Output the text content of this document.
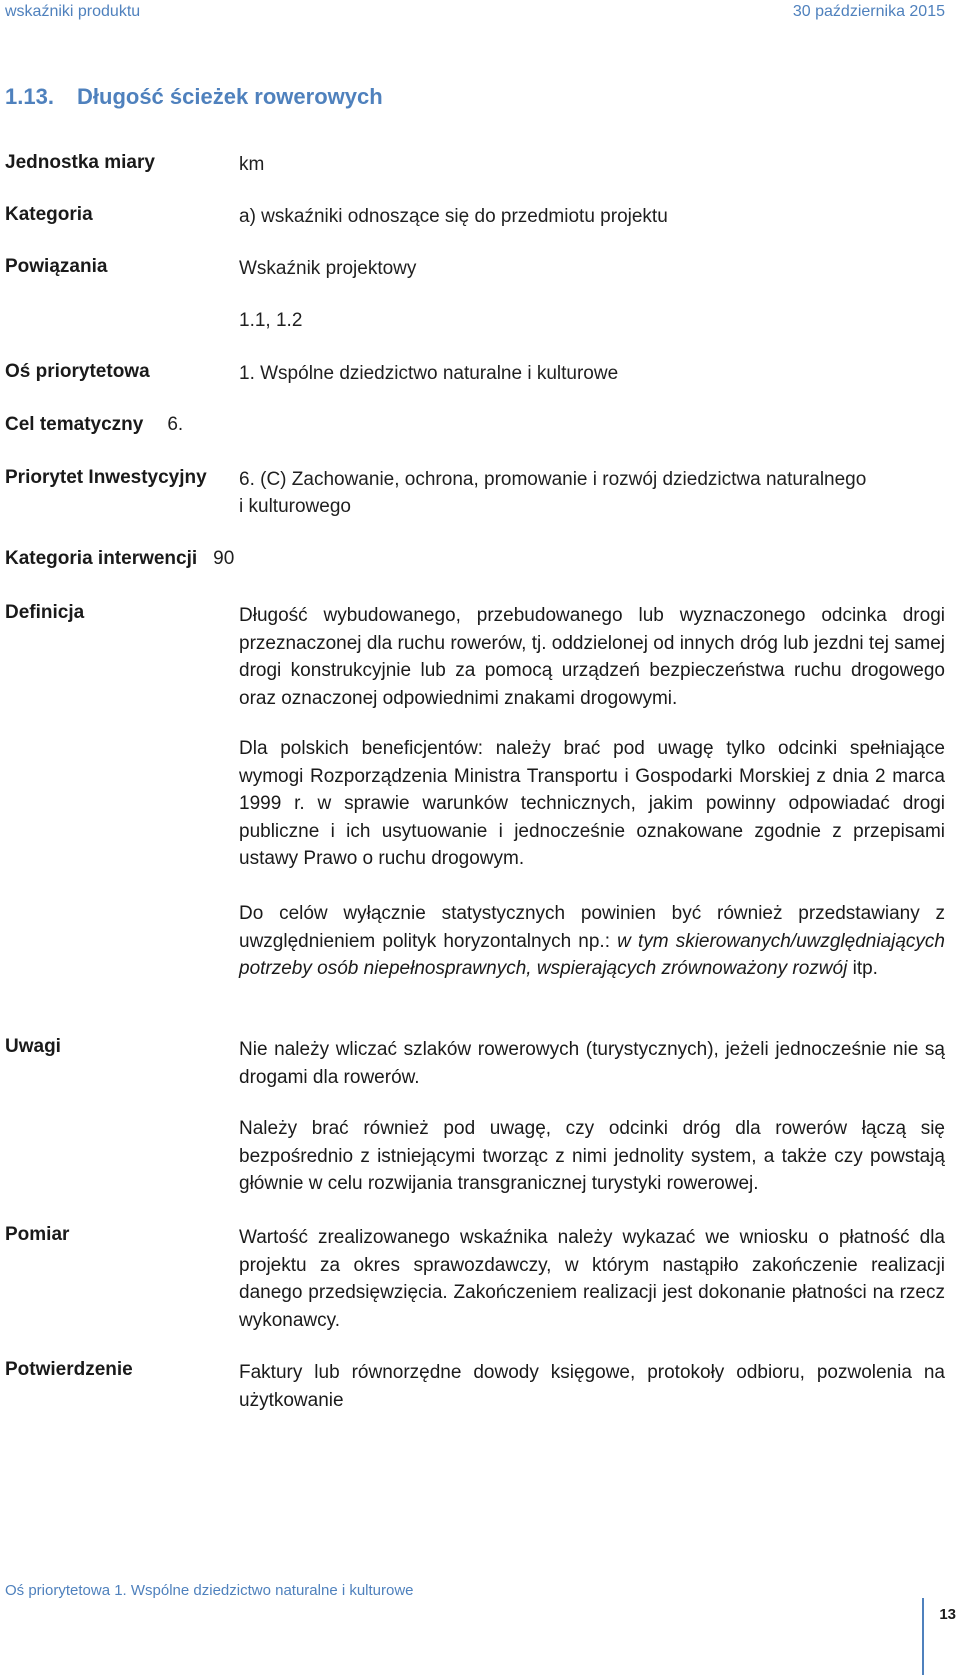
wskaźniki produktu	30 października 2015
1.13. Długość ścieżek rowerowych
Jednostka miary	km
Kategoria	a) wskaźniki odnoszące się do przedmiotu projektu
Powiązania	Wskaźnik projektowy
1.1, 1.2
Oś priorytetowa	1. Wspólne dziedzictwo naturalne i kulturowe
Cel tematyczny 6.
Priorytet Inwestycyjny 6. (C) Zachowanie, ochrona, promowanie i rozwój dziedzictwa naturalnego
i kulturowego
Kategoria interwencji 90
Definicja	Długość wybudowanego, przebudowanego lub wyznaczonego odcinka drogi przeznaczonej dla ruchu rowerów, tj. oddzielonej od innych dróg lub jezdni tej samej drogi konstrukcyjnie lub za pomocą urządzeń bezpieczeństwa ruchu drogowego oraz oznaczonej odpowiednimi znakami drogowymi.
Dla polskich beneficjentów: należy brać pod uwagę tylko odcinki spełniające wymogi Rozporządzenia Ministra Transportu i Gospodarki Morskiej z dnia 2 marca 1999 r. w sprawie warunków technicznych, jakim powinny odpowiadać drogi publiczne i ich usytuowanie i jednocześnie oznakowane zgodnie z przepisami ustawy Prawo o ruchu drogowym.
Do celów wyłącznie statystycznych powinien być również przedstawiany z uwzględnieniem polityk horyzontalnych np.: w tym skierowanych/uwzględniających potrzeby osób niepełnosprawnych, wspierających zrównoważony rozwój itp.
Uwagi	Nie należy wliczać szlaków rowerowych (turystycznych), jeżeli jednocześnie nie są drogami dla rowerów.
Należy brać również pod uwagę, czy odcinki dróg dla rowerów łączą się bezpośrednio z istniejącymi tworząc z nimi jednolity system, a także czy powstają głównie w celu rozwijania transgranicznej turystyki rowerowej.
Pomiar	Wartość zrealizowanego wskaźnika należy wykazać we wniosku o płatność dla projektu za okres sprawozdawczy, w którym nastąpiło zakończenie realizacji danego przedsięwzięcia. Zakończeniem realizacji jest dokonanie płatności na rzecz wykonawcy.
Potwierdzenie	Faktury lub równorzędne dowody księgowe, protokoły odbioru, pozwolenia na użytkowanie
Oś priorytetowa 1. Wspólne dziedzictwo naturalne i kulturowe
13
